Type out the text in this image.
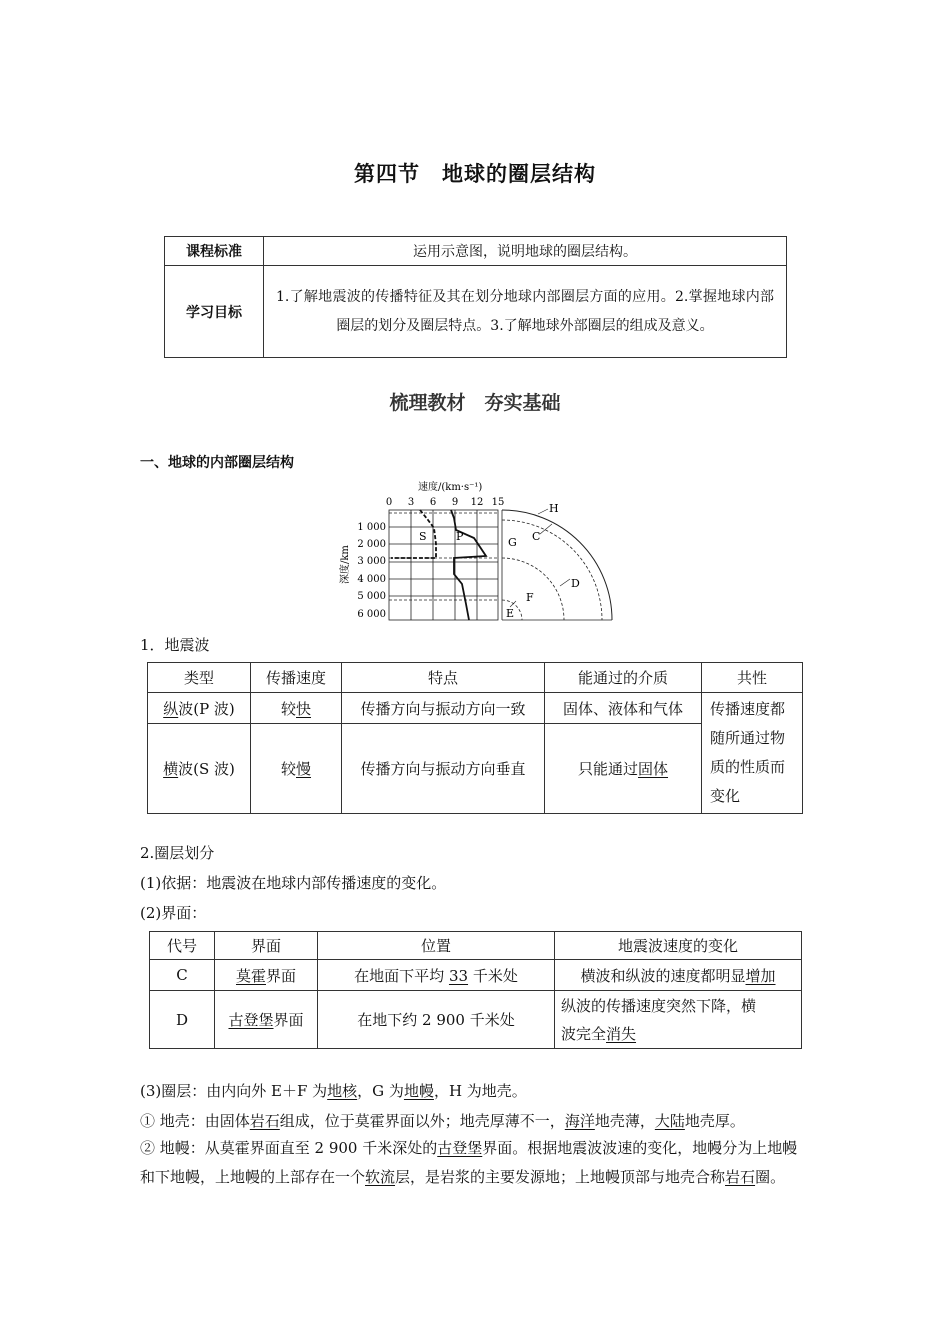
第四节　地球的圈层结构
课程标准	运用示意图，说明地球的圈层结构。
学习目标	1.了解地震波的传播特征及其在划分地球内部圈层方面的应用。2.掌握地球内部圈层的划分及圈层特点。3.了解地球外部圈层的组成及意义。
梳理教材　夯实基础
一、地球的内部圈层结构
速度/(km·s⁻¹)
0 3 6 9 12 15
1 000
2 000
3 000
4 000
5 000
6 000
深度/km
S	P
H
C
G
D
F
E
1．地震波
类型	传播速度	特点	能通过的介质	共性
纵波(P 波)	较快	传播方向与振动方向一致	固体、液体和气体	传播速度都
随所通过物
质的性质而
变化
横波(S 波)	较慢	传播方向与振动方向垂直	只能通过固体	
2.圈层划分
(1)依据：地震波在地球内部传播速度的变化。
(2)界面：
代号	界面	位置	地震波速度的变化
C	莫霍界面	在地面下平均 33 千米处	横波和纵波的速度都明显增加
D	古登堡界面	在地下约 2 900 千米处	纵波的传播速度突然下降，横
波完全消失
(3)圈层：由内向外 E＋F 为地核，G 为地幔，H 为地壳。
① 地壳：由固体岩石组成，位于莫霍界面以外；地壳厚薄不一，海洋地壳薄，大陆地壳厚。
② 地幔：从莫霍界面直至 2 900 千米深处的古登堡界面。根据地震波波速的变化，地幔分为上地幔和下地幔，上地幔的上部存在一个软流层，是岩浆的主要发源地；上地幔顶部与地壳合称岩石圈。
